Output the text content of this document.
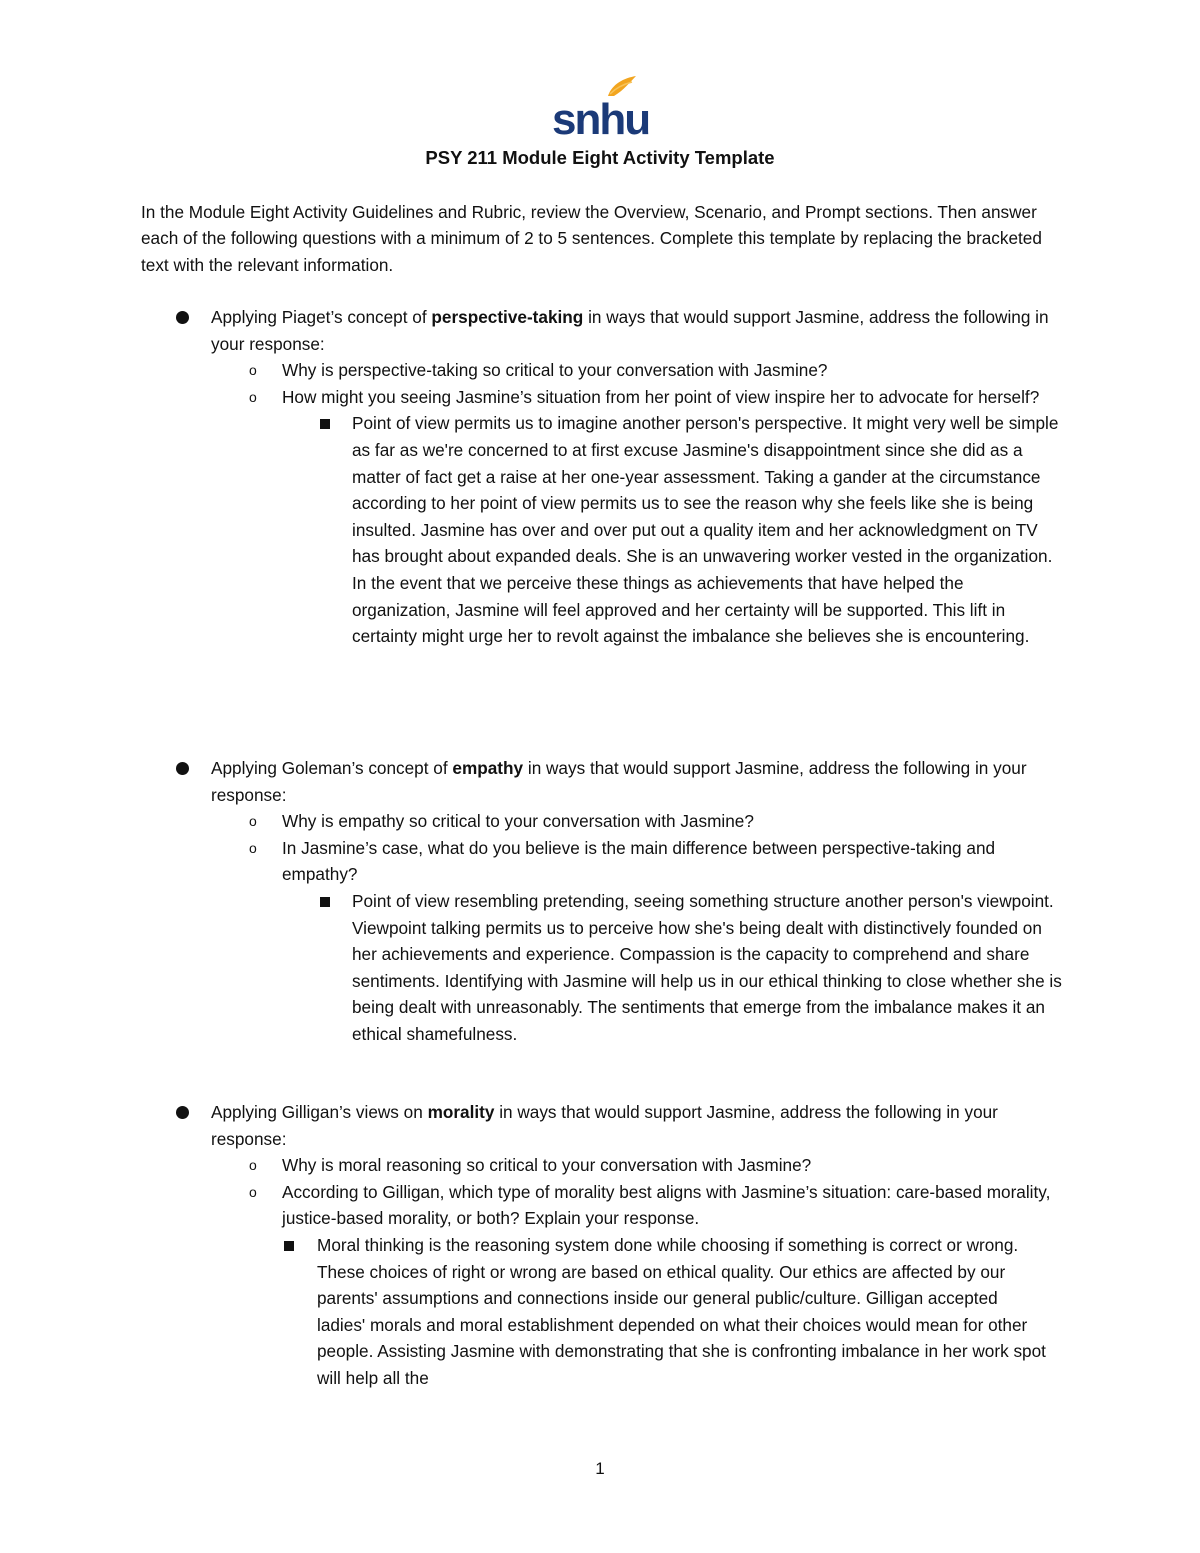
snhu
PSY 211 Module Eight Activity Template

In the Module Eight Activity Guidelines and Rubric, review the Overview, Scenario, and Prompt sections. Then answer each of the following questions with a minimum of 2 to 5 sentences. Complete this template by replacing the bracketed text with the relevant information.

Applying Piaget’s concept of perspective-taking in ways that would support Jasmine, address the following in your response:
o Why is perspective-taking so critical to your conversation with Jasmine?
o How might you seeing Jasmine’s situation from her point of view inspire her to advocate for herself?

Point of view permits us to imagine another person's perspective. It might very well be simple as far as we're concerned to at first excuse Jasmine's disappointment since she did as a matter of fact get a raise at her one-year assessment. Taking a gander at the circumstance according to her point of view permits us to see the reason why she feels like she is being insulted. Jasmine has over and over put out a quality item and her acknowledgment on TV has brought about expanded deals. She is an unwavering worker vested in the organization. In the event that we perceive these things as achievements that have helped the organization, Jasmine will feel approved and her certainty will be supported. This lift in certainty might urge her to revolt against the imbalance she believes she is encountering.

Applying Goleman’s concept of empathy in ways that would support Jasmine, address the following in your response:
o Why is empathy so critical to your conversation with Jasmine?
o In Jasmine’s case, what do you believe is the main difference between perspective-taking and empathy?

Point of view resembling pretending, seeing something structure another person's viewpoint. Viewpoint talking permits us to perceive how she's being dealt with distinctively founded on her achievements and experience. Compassion is the capacity to comprehend and share sentiments. Identifying with Jasmine will help us in our ethical thinking to close whether she is being dealt with unreasonably. The sentiments that emerge from the imbalance makes it an ethical shamefulness.

Applying Gilligan’s views on morality in ways that would support Jasmine, address the following in your response:
o Why is moral reasoning so critical to your conversation with Jasmine?
o According to Gilligan, which type of morality best aligns with Jasmine’s situation: care-based morality, justice-based morality, or both? Explain your response.

Moral thinking is the reasoning system done while choosing if something is correct or wrong. These choices of right or wrong are based on ethical quality. Our ethics are affected by our parents' assumptions and connections inside our general public/culture. Gilligan accepted ladies' morals and moral establishment depended on what their choices would mean for other people. Assisting Jasmine with demonstrating that she is confronting imbalance in her work spot will help all the

1
